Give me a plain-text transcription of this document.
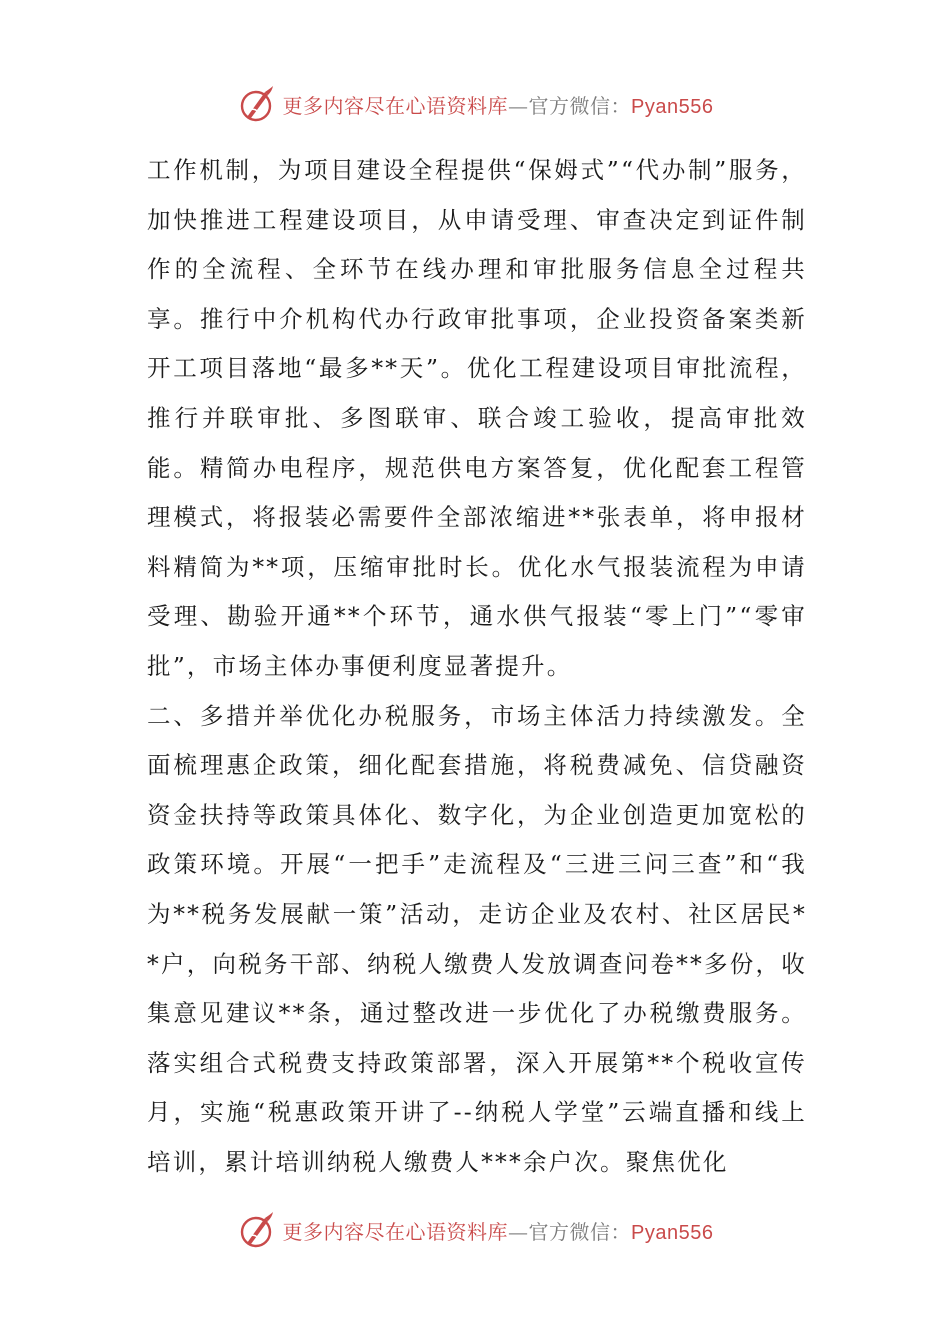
更多内容尽在心语资料库—官方微信：Pyan556

工作机制，为项目建设全程提供“保姆式”“代办制”服务，加快推进工程建设项目，从申请受理、审查决定到证件制作的全流程、全环节在线办理和审批服务信息全过程共享。推行中介机构代办行政审批事项，企业投资备案类新开工项目落地“最多**天”。优化工程建设项目审批流程，推行并联审批、多图联审、联合竣工验收，提高审批效能。精简办电程序，规范供电方案答复，优化配套工程管理模式，将报装必需要件全部浓缩进**张表单，将申报材料精简为**项，压缩审批时长。优化水气报装流程为申请受理、勘验开通**个环节，通水供气报装“零上门”“零审批”，市场主体办事便利度显著提升。

二、多措并举优化办税服务，市场主体活力持续激发。全面梳理惠企政策，细化配套措施，将税费减免、信贷融资资金扶持等政策具体化、数字化，为企业创造更加宽松的政策环境。开展“一把手”走流程及“三进三问三查”和“我为**税务发展献一策”活动，走访企业及农村、社区居民**户，向税务干部、纳税人缴费人发放调查问卷**多份，收集意见建议**条，通过整改进一步优化了办税缴费服务。落实组合式税费支持政策部署，深入开展第**个税收宣传月，实施“税惠政策开讲了--纳税人学堂”云端直播和线上培训，累计培训纳税人缴费人***余户次。聚焦优化

更多内容尽在心语资料库—官方微信：Pyan556
